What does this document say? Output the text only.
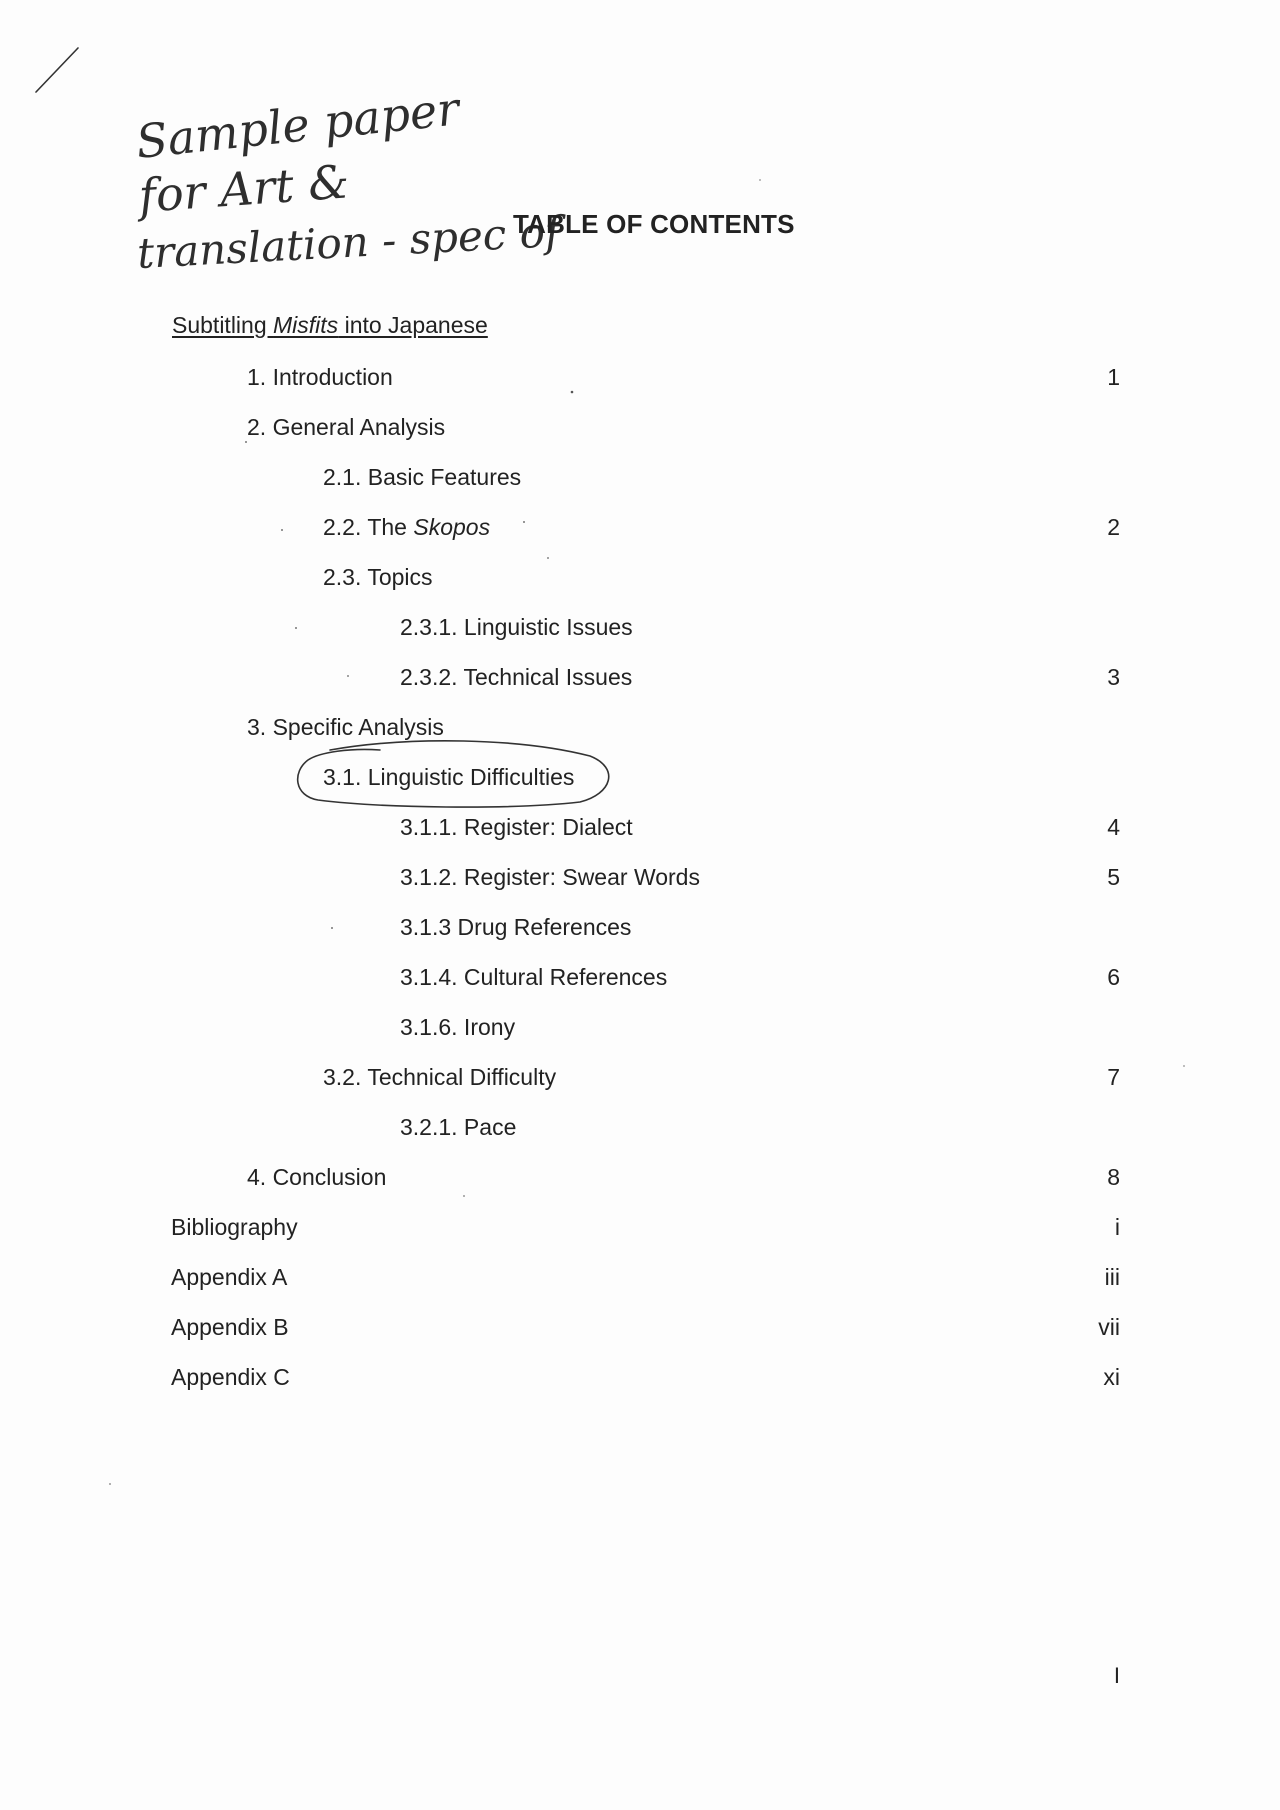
Sample paper
for Art &
translation - spec of
TABLE OF CONTENTS
Subtitling Misfits into Japanese
1. Introduction	1
2. General Analysis
2.1. Basic Features
2.2. The Skopos	2
2.3. Topics
2.3.1. Linguistic Issues
2.3.2. Technical Issues	3
3. Specific Analysis
3.1. Linguistic Difficulties
3.1.1. Register: Dialect	4
3.1.2. Register: Swear Words	5
3.1.3 Drug References
3.1.4. Cultural References	6
3.1.6. Irony
3.2. Technical Difficulty	7
3.2.1. Pace
4. Conclusion	8
Bibliography	i
Appendix A	iii
Appendix B	vii
Appendix C	xi
I
